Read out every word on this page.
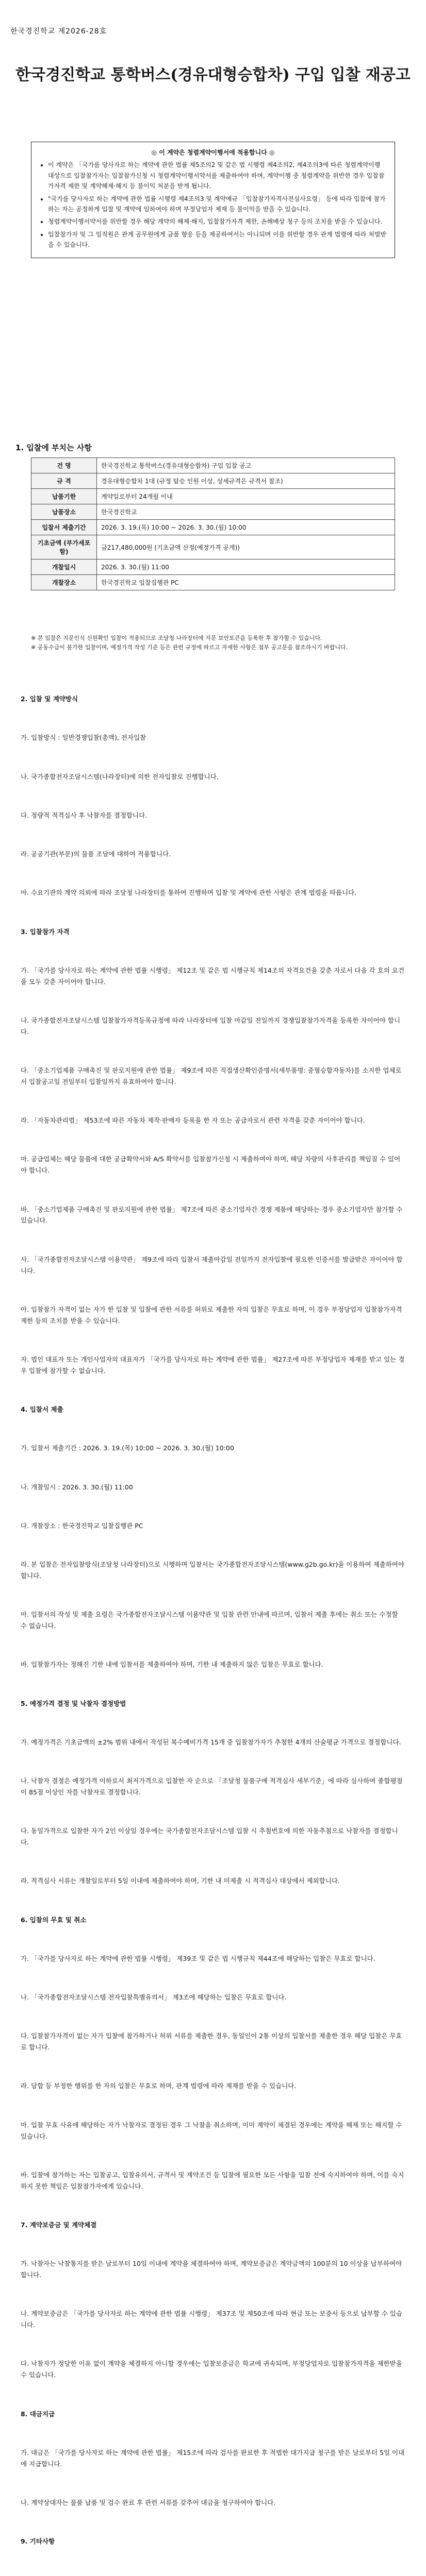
한국경진학교 제2026-28호
한국경진학교 통학버스(경유대형승합차) 구입 입찰 재공고
◎ 이 계약은 청렴계약이행서에 적용합니다 ◎
• 이 계약은 「국가를 당사자로 하는 계약에 관한 법률 제5조의2 및 같은 법 시행령 제4조의2, 제4조의3에 따른 청렴계약이행 대상으로 입찰참가자는 입찰참가신청 시 청렴계약이행서약서를 제출하여야 하며, 계약이행 중 청렴계약을 위반한 경우 입찰참가자격 제한 및 계약해제·해지 등 불이익 처분을 받게 됩니다.
• "국가를 당사자로 하는 계약에 관한 법률 시행령 제4조의3 및 계약예규 「입찰참가자격사전심사요령」 등에 따라 입찰에 참가하는 자는 공정하게 입찰 및 계약에 임하여야 하며 부정당업자 제재 등 불이익을 받을 수 있습니다.
• 청렴계약이행서약서를 위반할 경우 해당 계약의 해제·해지, 입찰참가자격 제한, 손해배상 청구 등의 조치를 받을 수 있습니다.
• 입찰참가자 및 그 임직원은 관계 공무원에게 금품 향응 등을 제공하여서는 아니되며 이를 위반할 경우 관계 법령에 따라 처벌받을 수 있습니다.
1. 입찰에 부치는 사항
건 명	한국경진학교 통학버스(경유대형승합차) 구입 입찰 공고
규 격	경유대형승합차 1대 (규정 탑승 인원 이상, 상세규격은 규격서 참조)
납품기한	계약일로부터 24개월 이내
납품장소	한국경진학교
입찰서 제출기간	2026. 3. 19.(목) 10:00 ~ 2026. 3. 30.(월) 10:00
기초금액 (부가세포함)	금217,480,000원 (기초금액 산정(예정가격 공개))
개찰일시	2026. 3. 30.(월) 11:00
개찰장소	한국경진학교 입찰집행관 PC
※ 본 입찰은 지문인식 신원확인 입찰이 적용되므로 조달청 나라장터에 지문 보안토큰을 등록한 후 참가할 수 있습니다.
※ 공동수급이 불가한 입찰이며, 예정가격 작성 기준 등은 관련 규정에 따르고 자세한 사항은 첨부 공고문을 참조하시기 바랍니다.

2. 입찰 및 계약방식

가. 입찰방식 : 일반경쟁입찰(총액), 전자입찰

나. 국가종합전자조달시스템(나라장터)에 의한 전자입찰로 진행합니다.

다. 정량적 적격심사 후 낙찰자를 결정합니다.

라. 공공기관(부문)의 물품 조달에 대하여 적용합니다.

마. 수요기관의 계약 의뢰에 따라 조달청 나라장터를 통하여 진행하며 입찰 및 계약에 관한 사항은 관계 법령을 따릅니다.

3. 입찰참가 자격

가. 「국가를 당사자로 하는 계약에 관한 법률 시행령」 제12조 및 같은 법 시행규칙 제14조의 자격요건을 갖춘 자로서 다음 각 호의 요건을 모두 갖춘 자이어야 합니다.

나. 국가종합전자조달시스템 입찰참가자격등록규정에 따라 나라장터에 입찰 마감일 전일까지 경쟁입찰참가자격을 등록한 자이어야 합니다.

다. 「중소기업제품 구매촉진 및 판로지원에 관한 법률」 제9조에 따른 직접생산확인증명서(세부품명: 중형승합자동차)를 소지한 업체로서 입찰공고일 전일부터 입찰일까지 유효하여야 합니다.

라. 「자동차관리법」 제53조에 따른 자동차 제작·판매자 등록을 한 자 또는 공급자로서 관련 자격을 갖춘 자이어야 합니다.

마. 공급업체는 해당 물품에 대한 공급확약서와 A/S 확약서를 입찰참가신청 시 제출하여야 하며, 해당 차량의 사후관리를 책임질 수 있어야 합니다.

바. 「중소기업제품 구매촉진 및 판로지원에 관한 법률」 제7조에 따른 중소기업자간 경쟁 제품에 해당하는 경우 중소기업자만 참가할 수 있습니다.

사. 「국가종합전자조달시스템 이용약관」 제9조에 따라 입찰서 제출마감일 전일까지 전자입찰에 필요한 인증서를 발급받은 자이어야 합니다.

아. 입찰참가 자격이 없는 자가 한 입찰 및 입찰에 관한 서류를 허위로 제출한 자의 입찰은 무효로 하며, 이 경우 부정당업자 입찰참가자격 제한 등의 조치를 받을 수 있습니다.

자. 법인 대표자 또는 개인사업자의 대표자가 「국가를 당사자로 하는 계약에 관한 법률」 제27조에 따른 부정당업자 제재를 받고 있는 경우 입찰에 참가할 수 없습니다.

4. 입찰서 제출

가. 입찰서 제출기간 : 2026. 3. 19.(목) 10:00 ~ 2026. 3. 30.(월) 10:00

나. 개찰일시 : 2026. 3. 30.(월) 11:00

다. 개찰장소 : 한국경진학교 입찰집행관 PC

라. 본 입찰은 전자입찰방식(조달청 나라장터)으로 시행하며 입찰서는 국가종합전자조달시스템(www.g2b.go.kr)을 이용하여 제출하여야 합니다.

마. 입찰서의 작성 및 제출 요령은 국가종합전자조달시스템 이용약관 및 입찰 관련 안내에 따르며, 입찰서 제출 후에는 취소 또는 수정할 수 없습니다.

바. 입찰참가자는 정해진 기한 내에 입찰서를 제출하여야 하며, 기한 내 제출하지 않은 입찰은 무효로 합니다.

5. 예정가격 결정 및 낙찰자 결정방법

가. 예정가격은 기초금액의 ±2% 범위 내에서 작성된 복수예비가격 15개 중 입찰참가자가 추첨한 4개의 산술평균 가격으로 결정합니다.

나. 낙찰자 결정은 예정가격 이하로서 최저가격으로 입찰한 자 순으로 「조달청 물품구매 적격심사 세부기준」에 따라 심사하여 종합평점이 85점 이상인 자를 낙찰자로 결정합니다.

다. 동일가격으로 입찰한 자가 2인 이상일 경우에는 국가종합전자조달시스템 입찰 시 추첨번호에 의한 자동추첨으로 낙찰자를 결정합니다.

라. 적격심사 서류는 개찰일로부터 5일 이내에 제출하여야 하며, 기한 내 미제출 시 적격심사 대상에서 제외합니다.

6. 입찰의 무효 및 취소

가. 「국가를 당사자로 하는 계약에 관한 법률 시행령」 제39조 및 같은 법 시행규칙 제44조에 해당하는 입찰은 무효로 합니다.

나. 「국가종합전자조달시스템 전자입찰특별유의서」 제3조에 해당하는 입찰은 무효로 합니다.

다. 입찰참가자격이 없는 자가 입찰에 참가하거나 허위 서류를 제출한 경우, 동일인이 2통 이상의 입찰서를 제출한 경우 해당 입찰은 무효로 합니다.

라. 담합 등 부정한 행위를 한 자의 입찰은 무효로 하며, 관계 법령에 따라 제재를 받을 수 있습니다.

마. 입찰 무효 사유에 해당하는 자가 낙찰자로 결정된 경우 그 낙찰을 취소하며, 이미 계약이 체결된 경우에는 계약을 해제 또는 해지할 수 있습니다.

바. 입찰에 참가하는 자는 입찰공고, 입찰유의서, 규격서 및 계약조건 등 입찰에 필요한 모든 사항을 입찰 전에 숙지하여야 하며, 이를 숙지하지 못한 책임은 입찰참가자에게 있습니다.

7. 계약보증금 및 계약체결

가. 낙찰자는 낙찰통지를 받은 날로부터 10일 이내에 계약을 체결하여야 하며, 계약보증금은 계약금액의 100분의 10 이상을 납부하여야 합니다.

나. 계약보증금은 「국가를 당사자로 하는 계약에 관한 법률 시행령」 제37조 및 제50조에 따라 현금 또는 보증서 등으로 납부할 수 있습니다.

다. 낙찰자가 정당한 이유 없이 계약을 체결하지 아니할 경우에는 입찰보증금은 학교에 귀속되며, 부정당업자로 입찰참가자격을 제한받을 수 있습니다.

8. 대금지급

가. 대금은 「국가를 당사자로 하는 계약에 관한 법률」 제15조에 따라 검사를 완료한 후 적법한 대가지급 청구를 받은 날로부터 5일 이내에 지급합니다.

나. 계약상대자는 물품 납품 및 검수 완료 후 관련 서류를 갖추어 대금을 청구하여야 합니다.

9. 기타사항
